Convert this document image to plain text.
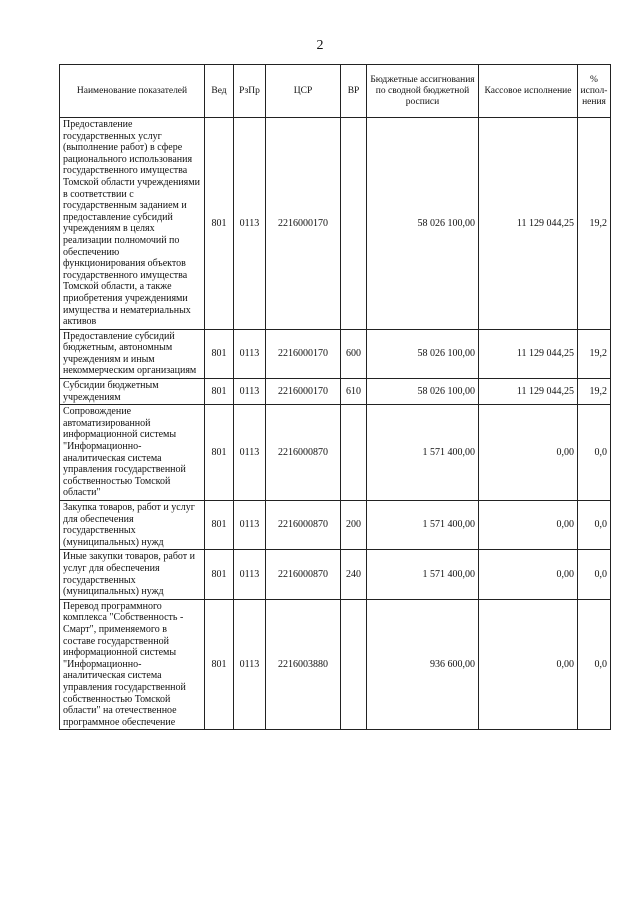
2
Наименование показателей	Вед	РзПр	ЦСР	ВР	Бюджетные ассигнования по сводной бюджетной росписи	Кассовое исполнение	% испол-нения
Предоставление государственных услуг (выполнение работ) в сфере рационального использования государственного имущества Томской области учреждениями в соответствии с государственным заданием и предоставление субсидий учреждениям в целях реализации полномочий по обеспечению функционирования объектов государственного имущества Томской области, а также приобретения учреждениями имущества и нематериальных активов	801	0113	2216000170		58 026 100,00	11 129 044,25	19,2
Предоставление субсидий бюджетным, автономным учреждениям и иным некоммерческим организациям	801	0113	2216000170	600	58 026 100,00	11 129 044,25	19,2
Субсидии бюджетным учреждениям	801	0113	2216000170	610	58 026 100,00	11 129 044,25	19,2
Сопровождение автоматизированной информационной системы "Информационно-аналитическая система управления государственной собственностью Томской области"	801	0113	2216000870		1 571 400,00	0,00	0,0
Закупка товаров, работ и услуг для обеспечения государственных (муниципальных) нужд	801	0113	2216000870	200	1 571 400,00	0,00	0,0
Иные закупки товаров, работ и услуг для обеспечения государственных (муниципальных) нужд	801	0113	2216000870	240	1 571 400,00	0,00	0,0
Перевод программного комплекса "Собственность - Смарт", применяемого в составе государственной информационной системы "Информационно-аналитическая система управления государственной собственностью Томской области" на отечественное программное обеспечение	801	0113	2216003880		936 600,00	0,00	0,0
